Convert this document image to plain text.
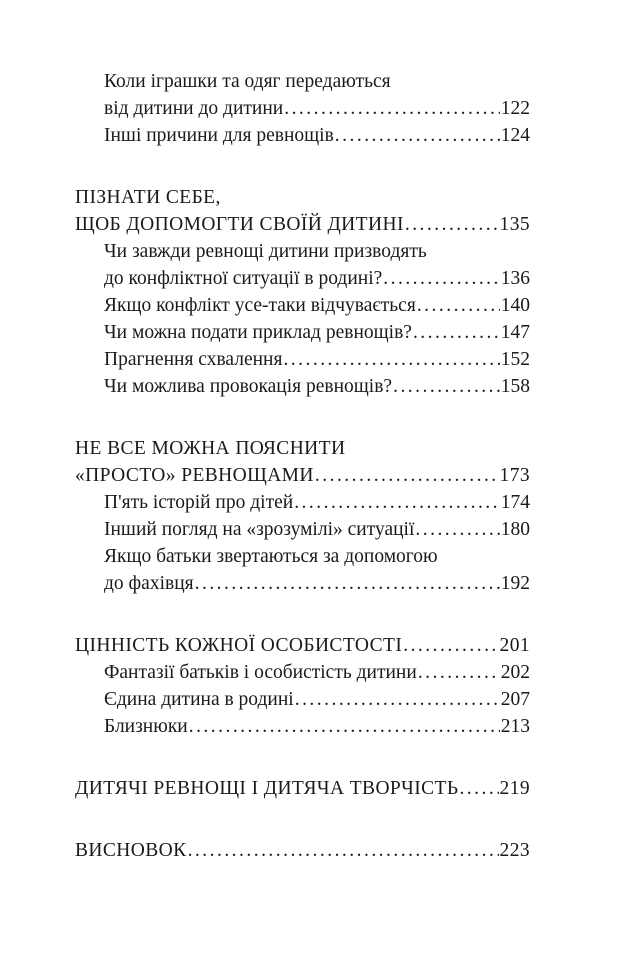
Коли іграшки та одяг передаються
від дитини до дитини . . .	122
Інші причини для ревнощів . . .	124
ПІЗНАТИ СЕБЕ,
ЩОБ ДОПОМОГТИ СВОЇЙ ДИТИНІ . . .	135
Чи завжди ревнощі дитини призводять
до конфліктної ситуації в родині? . . .	136
Якщо конфлікт усе-таки відчувається . . .	140
Чи можна подати приклад ревнощів? . . .	147
Прагнення схвалення . . .	152
Чи можлива провокація ревнощів? . . .	158
НЕ ВСЕ МОЖНА ПОЯСНИТИ
«ПРОСТО» РЕВНОЩАМИ . . .	173
П'ять історій про дітей . . .	174
Інший погляд на «зрозумілі» ситуації . . .	180
Якщо батьки звертаються за допомогою
до фахівця . . .	192
ЦІННІСТЬ КОЖНОЇ ОСОБИСТОСТІ . . .	201
Фантазії батьків і особистість дитини . . .	202
Єдина дитина в родині . . .	207
Близнюки . . .	213
ДИТЯЧІ РЕВНОЩІ І ДИТЯЧА ТВОРЧІСТЬ . . . 219
ВИСНОВОК . . .	223
